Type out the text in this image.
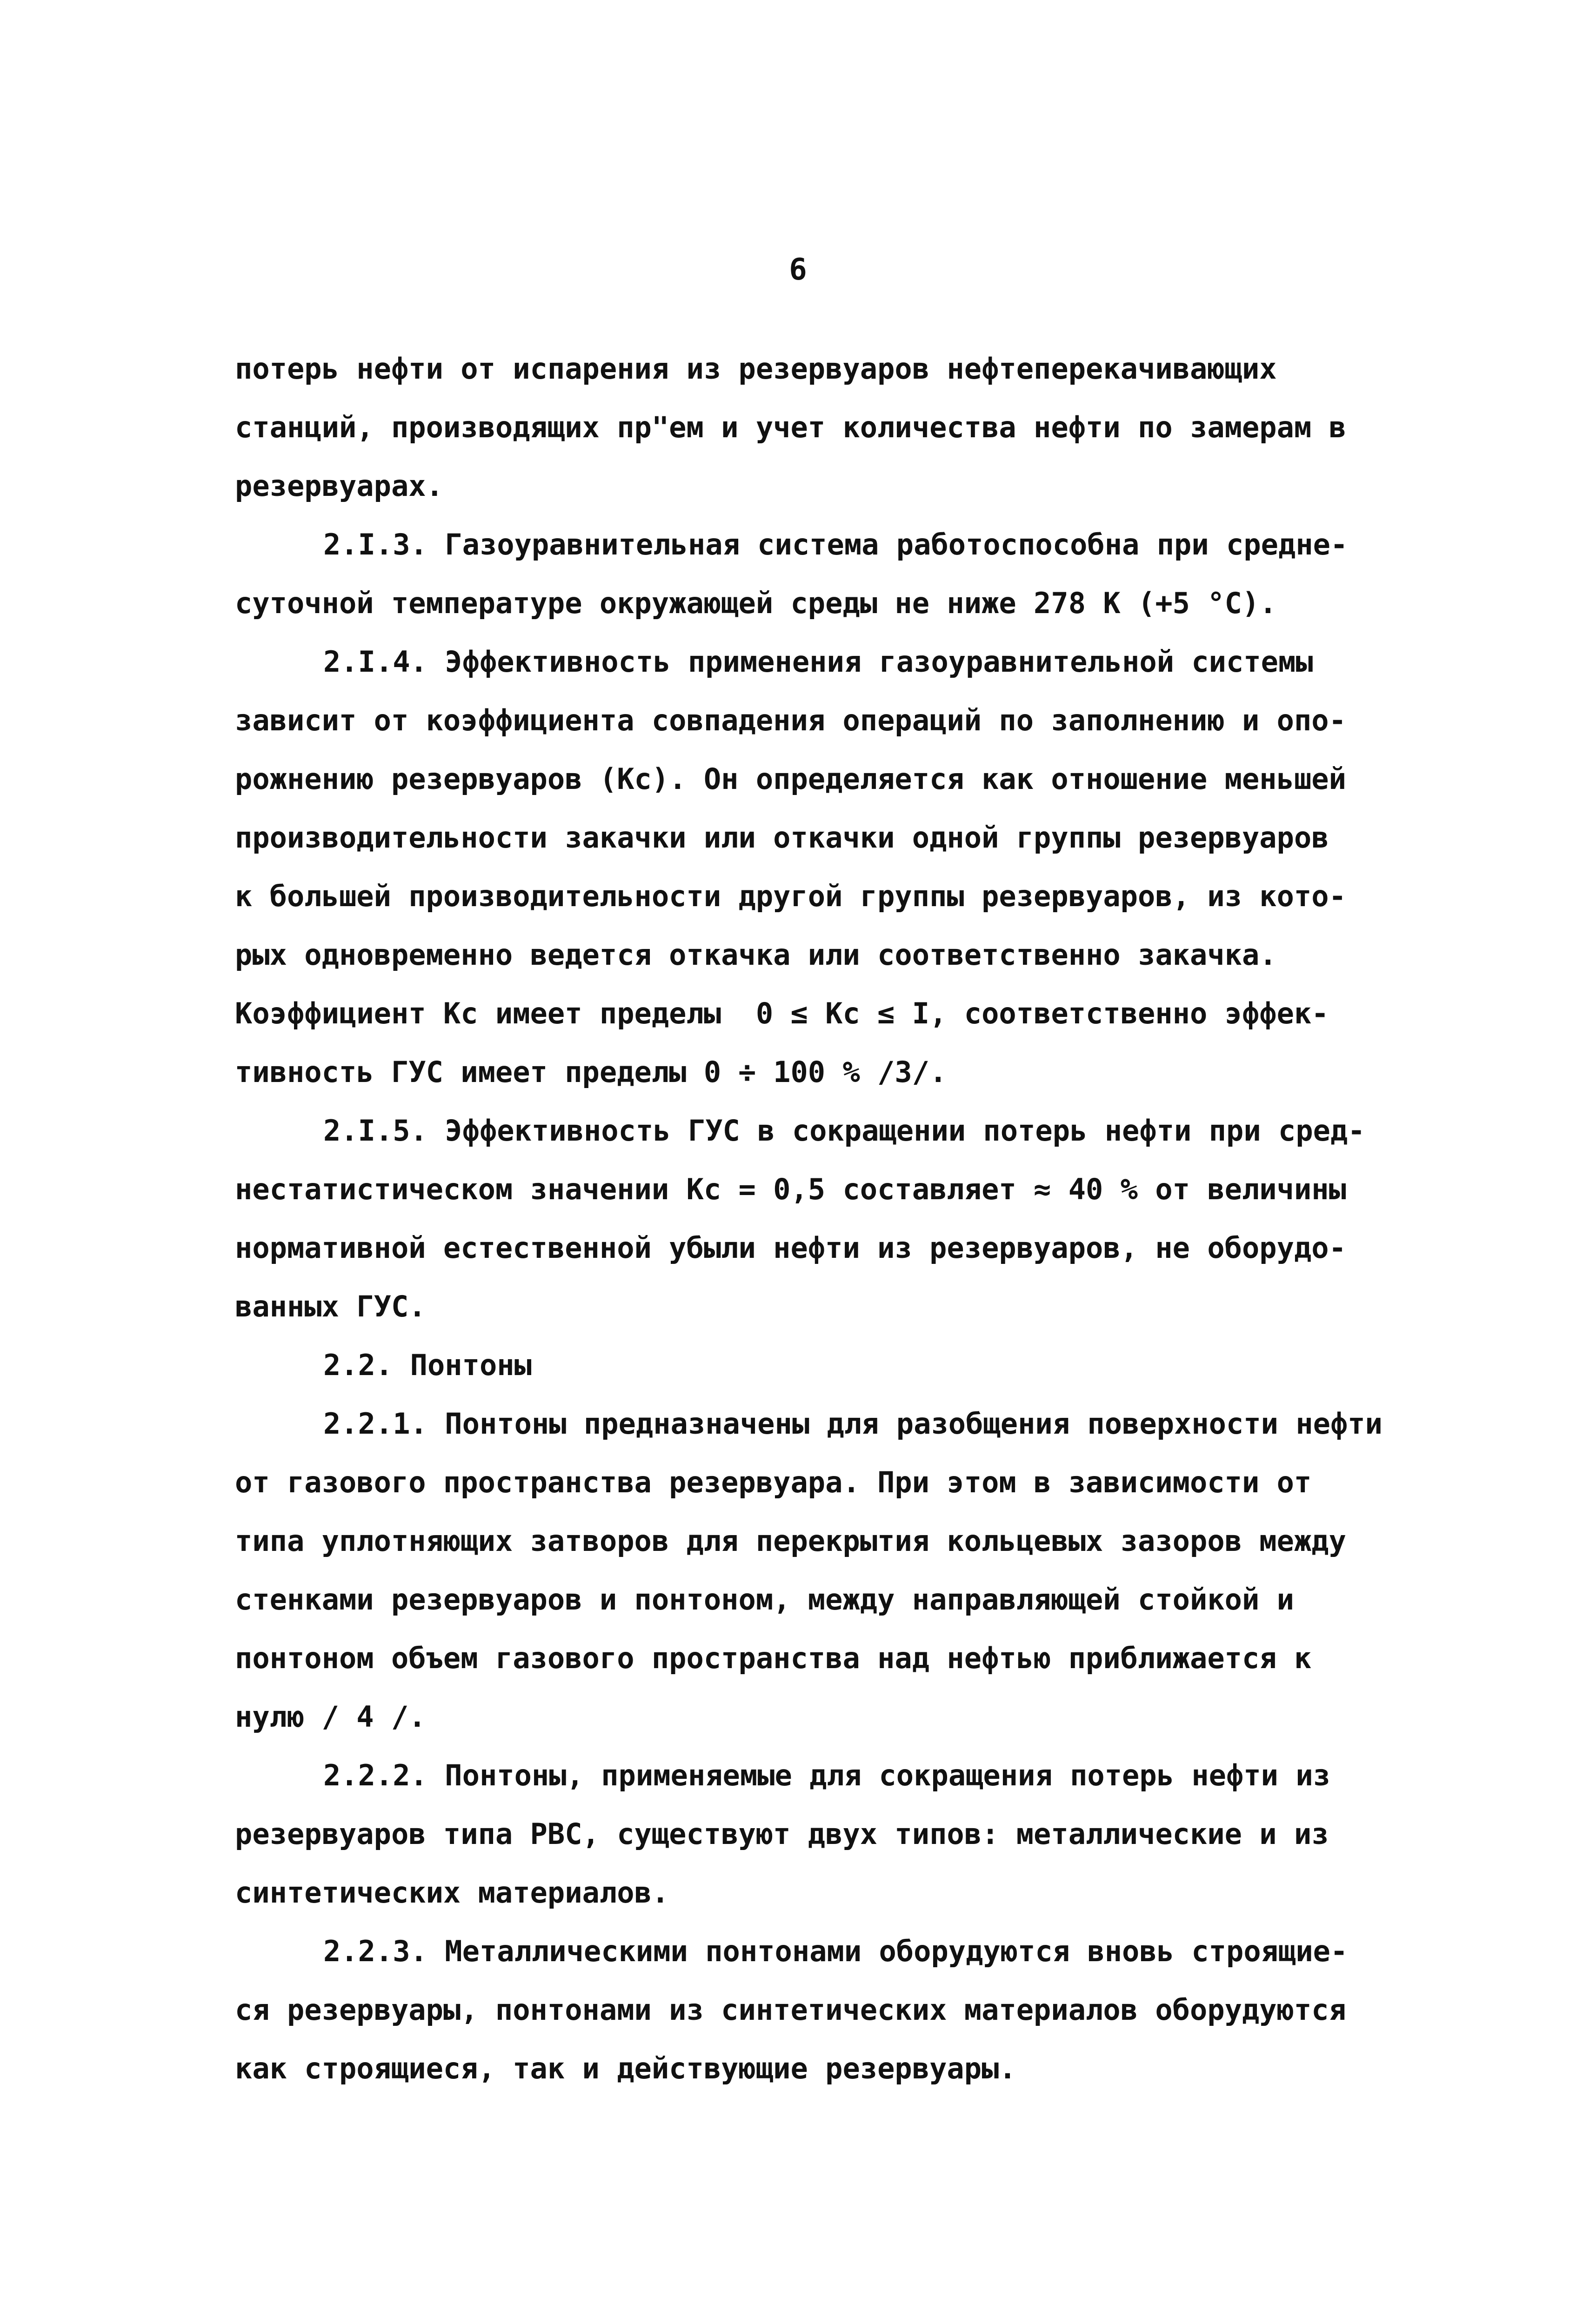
6
потерь нефти от испарения из резервуаров нефтеперекачивающих
станций, производящих пр"ем и учет количества нефти по замерам в
резервуарах.
2.I.3. Газоуравнительная система работоспособна при средне-
суточной температуре окружающей среды не ниже 278 К (+5 °С).
2.I.4. Эффективность применения газоуравнительной системы
зависит от коэффициента совпадения операций по заполнению и опо-
рожнению резервуаров (Кс). Он определяется как отношение меньшей
производительности закачки или откачки одной группы резервуаров
к большей производительности другой группы резервуаров, из кото-
рых одновременно ведется откачка или соответственно закачка.
Коэффициент Кс имеет пределы  0 ≤ Кс ≤ I, соответственно эффек-
тивность ГУС имеет пределы 0 ÷ 100 % /3/.
2.I.5. Эффективность ГУС в сокращении потерь нефти при сред-
нестатистическом значении Кс = 0,5 составляет ≈ 40 % от величины
нормативной естественной убыли нефти из резервуаров, не оборудо-
ванных ГУС.
2.2. Понтоны
2.2.1. Понтоны предназначены для разобщения поверхности нефти
от газового пространства резервуара. При этом в зависимости от
типа уплотняющих затворов для перекрытия кольцевых зазоров между
стенками резервуаров и понтоном, между направляющей стойкой и
понтоном объем газового пространства над нефтью приближается к
нулю / 4 /.
2.2.2. Понтоны, применяемые для сокращения потерь нефти из
резервуаров типа РВС, существуют двух типов: металлические и из
синтетических материалов.
2.2.3. Металлическими понтонами оборудуются вновь строящие-
ся резервуары, понтонами из синтетических материалов оборудуются
как строящиеся, так и действующие резервуары.
